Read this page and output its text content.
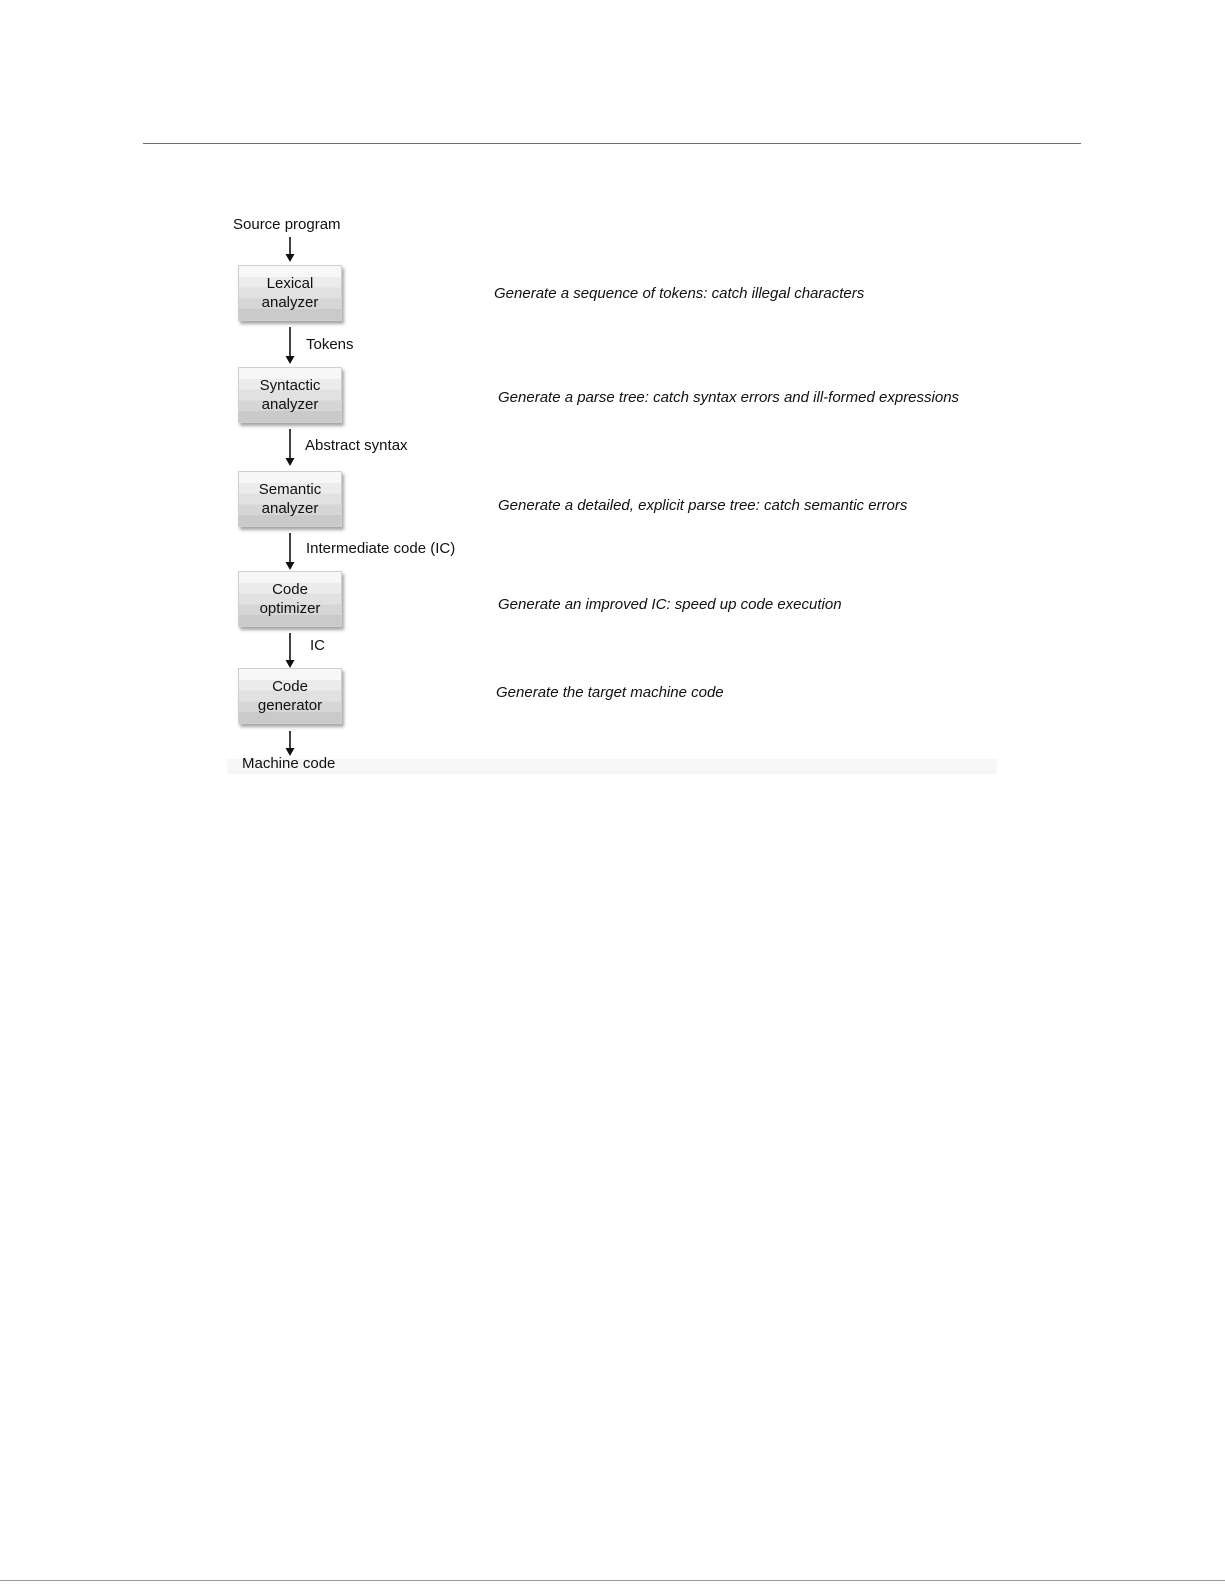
Source program
Lexical
analyzer
Generate a sequence of tokens: catch illegal characters
Tokens
Syntactic
analyzer	Generate a parse tree: catch syntax errors and ill-formed expressions
Abstract syntax
Semantic
analyzer	Generate a detailed, explicit parse tree: catch semantic errors
Intermediate code (IC)
Code
optimizer	Generate an improved IC: speed up code execution
IC
Code
generator
Generate the target machine code
Machine code
